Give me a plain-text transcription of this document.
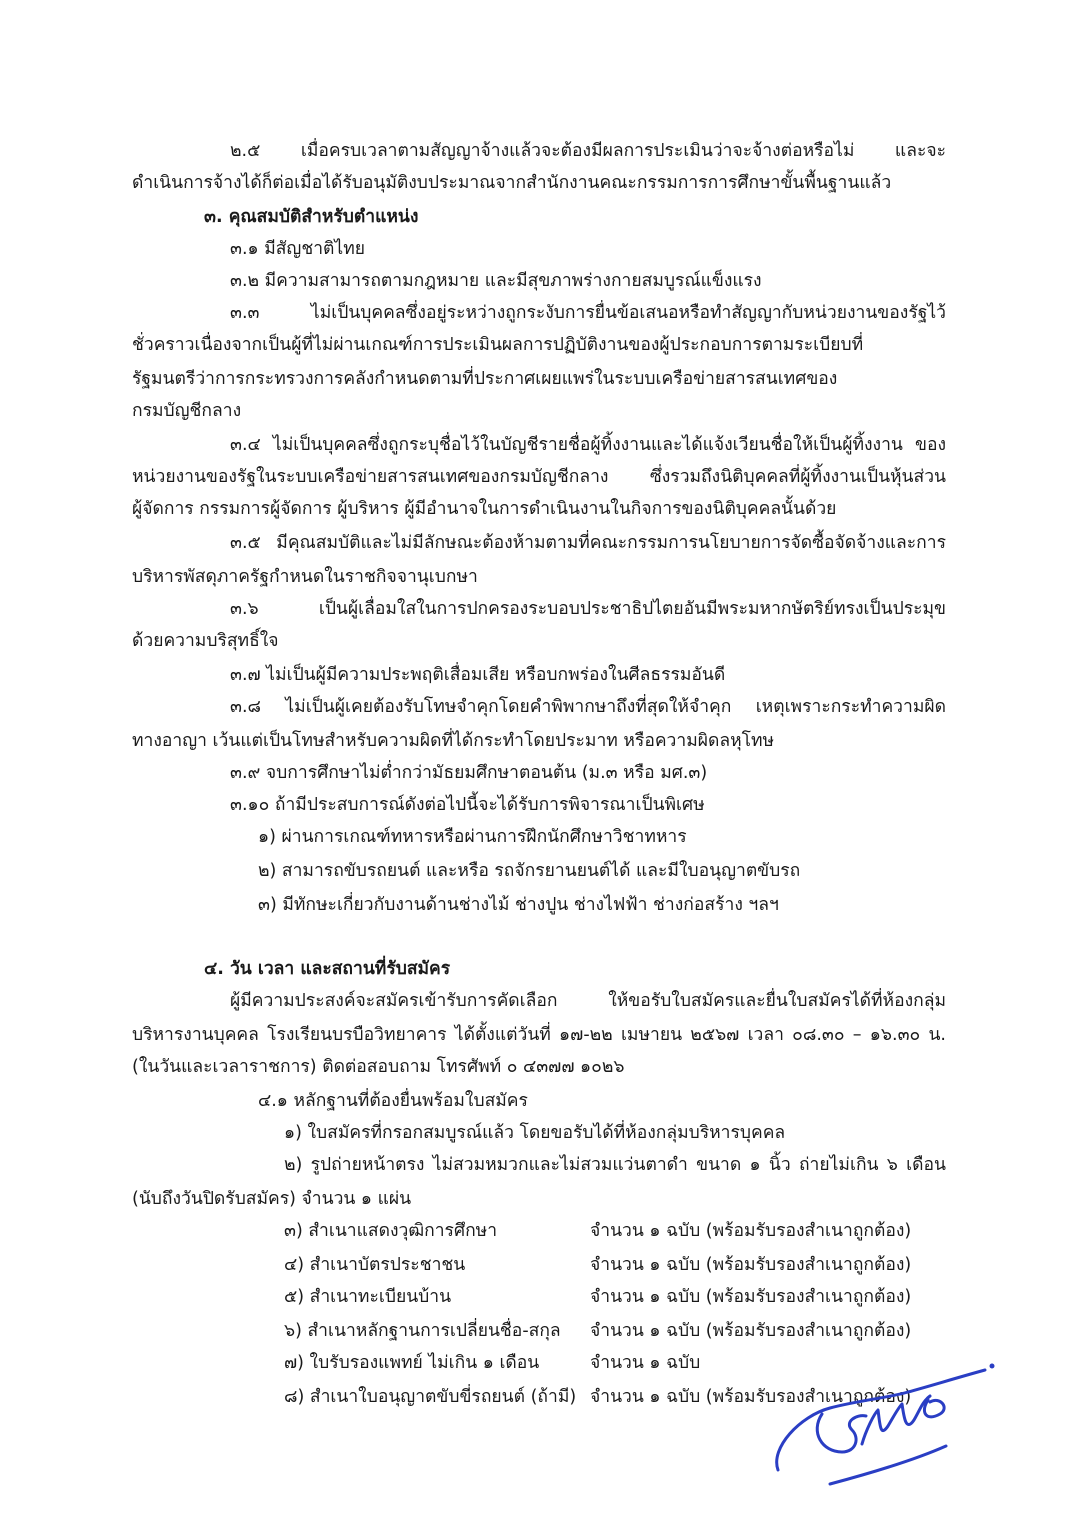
๒.๕ เมื่อครบเวลาตามสัญญาจ้างแล้วจะต้องมีผลการประเมินว่าจะจ้างต่อหรือไม่ และจะ
ดำเนินการจ้างได้ก็ต่อเมื่อได้รับอนุมัติงบประมาณจากสำนักงานคณะกรรมการการศึกษาขั้นพื้นฐานแล้ว
๓. คุณสมบัติสำหรับตำแหน่ง
๓.๑ มีสัญชาติไทย
๓.๒ มีความสามารถตามกฎหมาย และมีสุขภาพร่างกายสมบูรณ์แข็งแรง
๓.๓ ไม่เป็นบุคคลซึ่งอยู่ระหว่างถูกระงับการยื่นข้อเสนอหรือทำสัญญากับหน่วยงานของรัฐไว้
ชั่วคราวเนื่องจากเป็นผู้ที่ไม่ผ่านเกณฑ์การประเมินผลการปฏิบัติงานของผู้ประกอบการตามระเบียบที่
รัฐมนตรีว่าการกระทรวงการคลังกำหนดตามที่ประกาศเผยแพร่ในระบบเครือข่ายสารสนเทศของ
กรมบัญชีกลาง
๓.๔ ไม่เป็นบุคคลซึ่งถูกระบุชื่อไว้ในบัญชีรายชื่อผู้ทิ้งงานและได้แจ้งเวียนชื่อให้เป็นผู้ทิ้งงาน ของ
หน่วยงานของรัฐในระบบเครือข่ายสารสนเทศของกรมบัญชีกลาง ซึ่งรวมถึงนิติบุคคลที่ผู้ทิ้งงานเป็นหุ้นส่วน
ผู้จัดการ กรรมการผู้จัดการ ผู้บริหาร ผู้มีอำนาจในการดำเนินงานในกิจการของนิติบุคคลนั้นด้วย
๓.๕ มีคุณสมบัติและไม่มีลักษณะต้องห้ามตามที่คณะกรรมการนโยบายการจัดซื้อจัดจ้างและการ
บริหารพัสดุภาครัฐกำหนดในราชกิจจานุเบกษา
๓.๖ เป็นผู้เลื่อมใสในการปกครองระบอบประชาธิปไตยอันมีพระมหากษัตริย์ทรงเป็นประมุข
ด้วยความบริสุทธิ์ใจ
๓.๗ ไม่เป็นผู้มีความประพฤติเสื่อมเสีย หรือบกพร่องในศีลธรรมอันดี
๓.๘ ไม่เป็นผู้เคยต้องรับโทษจำคุกโดยคำพิพากษาถึงที่สุดให้จำคุก เหตุเพราะกระทำความผิด
ทางอาญา เว้นแต่เป็นโทษสำหรับความผิดที่ได้กระทำโดยประมาท หรือความผิดลหุโทษ
๓.๙ จบการศึกษาไม่ต่ำกว่ามัธยมศึกษาตอนต้น (ม.๓ หรือ มศ.๓)
๓.๑๐ ถ้ามีประสบการณ์ดังต่อไปนี้จะได้รับการพิจารณาเป็นพิเศษ
๑) ผ่านการเกณฑ์ทหารหรือผ่านการฝึกนักศึกษาวิชาทหาร
๒) สามารถขับรถยนต์ และหรือ รถจักรยานยนต์ได้ และมีใบอนุญาตขับรถ
๓) มีทักษะเกี่ยวกับงานด้านช่างไม้ ช่างปูน ช่างไฟฟ้า ช่างก่อสร้าง ฯลฯ
๔. วัน เวลา และสถานที่รับสมัคร
ผู้มีความประสงค์จะสมัครเข้ารับการคัดเลือก ให้ขอรับใบสมัครและยื่นใบสมัครได้ที่ห้องกลุ่ม
บริหารงานบุคคล โรงเรียนบรบือวิทยาคาร ได้ตั้งแต่วันที่ ๑๗-๒๒ เมษายน ๒๕๖๗ เวลา ๐๘.๓๐ – ๑๖.๓๐ น.
(ในวันและเวลาราชการ) ติดต่อสอบถาม โทรศัพท์ ๐ ๔๓๗๗ ๑๐๒๖
๔.๑ หลักฐานที่ต้องยื่นพร้อมใบสมัคร
๑) ใบสมัครที่กรอกสมบูรณ์แล้ว โดยขอรับได้ที่ห้องกลุ่มบริหารบุคคล
๒) รูปถ่ายหน้าตรง ไม่สวมหมวกและไม่สวมแว่นตาดำ ขนาด ๑ นิ้ว ถ่ายไม่เกิน ๖ เดือน
(นับถึงวันปิดรับสมัคร) จำนวน ๑ แผ่น
๓) สำเนาแสดงวุฒิการศึกษา	จำนวน ๑ ฉบับ (พร้อมรับรองสำเนาถูกต้อง)
๔) สำเนาบัตรประชาชน	จำนวน ๑ ฉบับ (พร้อมรับรองสำเนาถูกต้อง)
๕) สำเนาทะเบียนบ้าน	จำนวน ๑ ฉบับ (พร้อมรับรองสำเนาถูกต้อง)
๖) สำเนาหลักฐานการเปลี่ยนชื่อ-สกุล จำนวน ๑ ฉบับ (พร้อมรับรองสำเนาถูกต้อง)
๗) ใบรับรองแพทย์ ไม่เกิน ๑ เดือน	จำนวน ๑ ฉบับ
๘) สำเนาใบอนุญาตขับขี่รถยนต์ (ถ้ามี) จำนวน ๑ ฉบับ (พร้อมรับรองสำเนาถูกต้อง)
